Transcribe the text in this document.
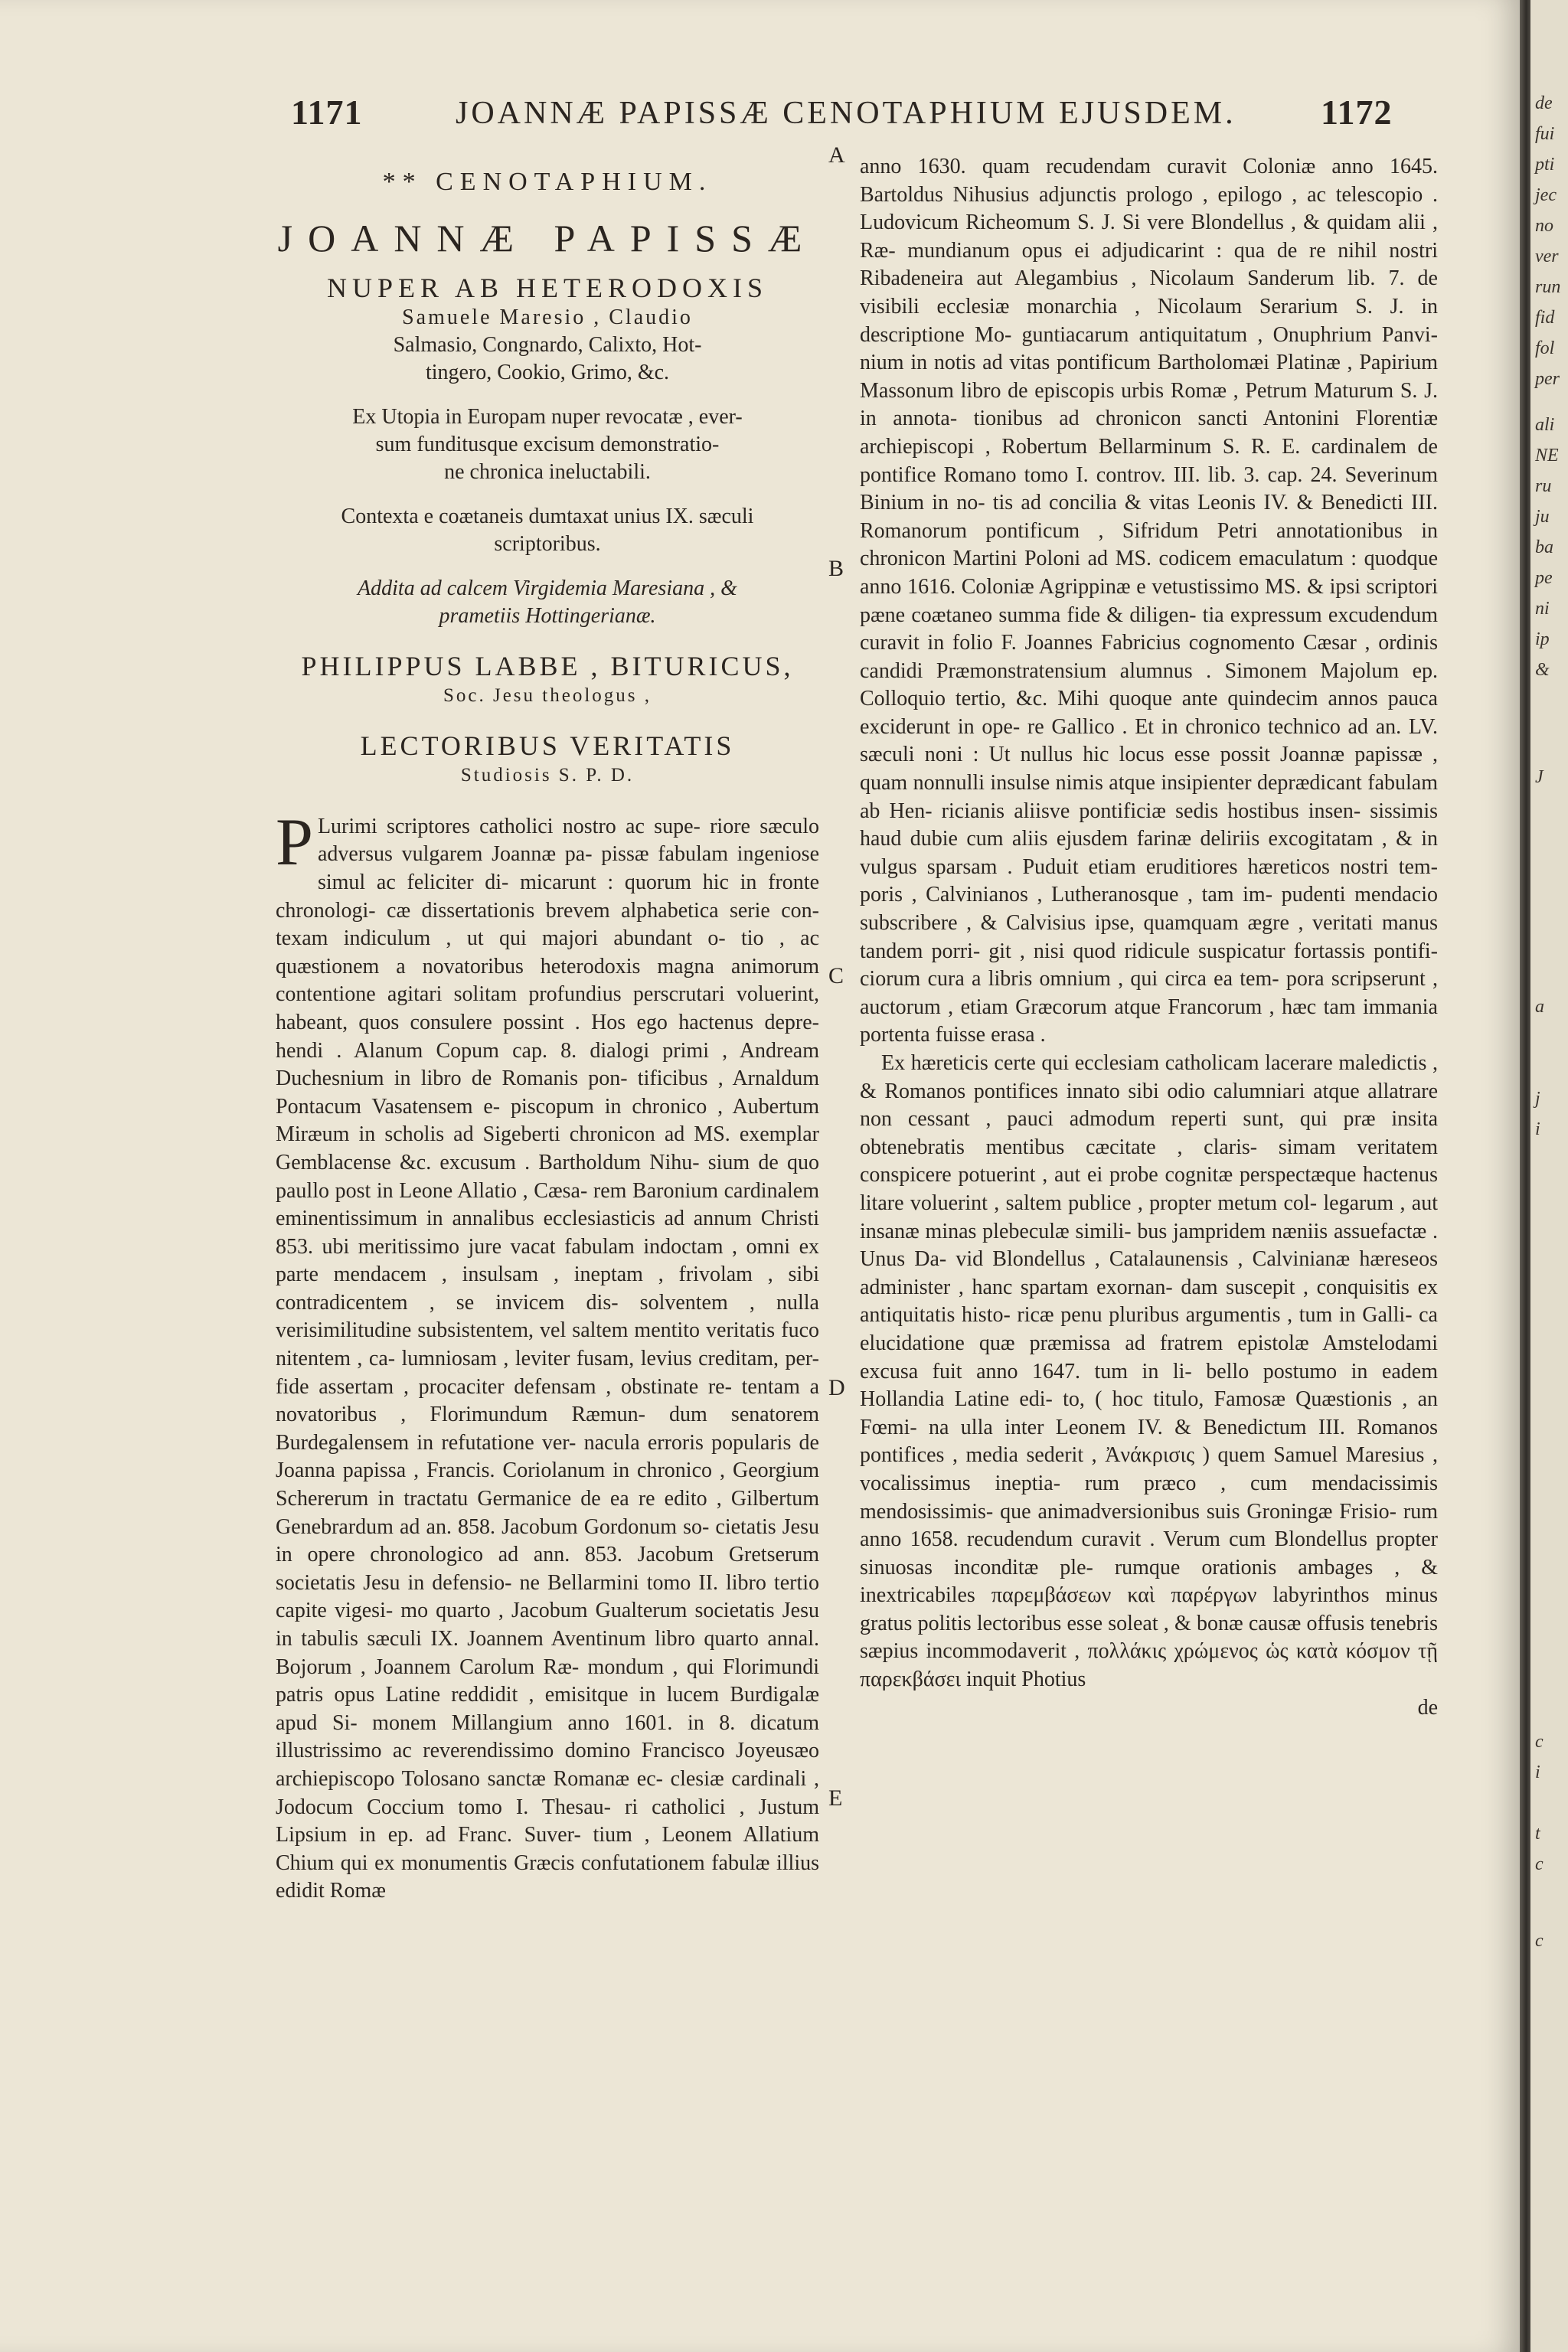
1171	JOANNÆ PAPISSÆ CENOTAPHIUM EJUSDEM. 1172
A
B
C
D
E
** CENOTAPHIUM.
JOANNÆ PAPISSÆ
NUPER AB HETERODOXIS
Samuele Maresio , Claudio
Salmasio, Congnardo, Calixto, Hot-
tingero, Cookio, Grimo, &c.
Ex Utopia in Europam nuper revocatæ , ever-
sum funditusque excisum demonstratio-
ne chronica ineluctabili.
Contexta e coætaneis dumtaxat unius IX. sæculi
scriptoribus.
Addita ad calcem Virgidemia Maresiana , &
prametiis Hottingerianæ.
PHILIPPUS LABBE , BITURICUS,
Soc. Jesu theologus ,
LECTORIBUS VERITATIS
Studiosis S. P. D.
P Lurimi scriptores catholici nostro ac supe- riore sæculo adversus vulgarem Joannæ pa- pissæ fabulam ingeniose simul ac feliciter di- micarunt : quorum hic in fronte chronologi- cæ dissertationis brevem alphabetica serie con- texam indiculum , ut qui majori abundant o- tio , ac quæstionem a novatoribus heterodoxis magna animorum contentione agitari solitam profundius perscrutari voluerint, habeant, quos consulere possint . Hos ego hactenus depre- hendi . Alanum Copum cap. 8. dialogi primi , Andream Duchesnium in libro de Romanis pon- tificibus , Arnaldum Pontacum Vasatensem e- piscopum in chronico , Aubertum Miræum in scholis ad Sigeberti chronicon ad MS. exemplar Gemblacense &c. excusum . Bartholdum Nihu- sium de quo paullo post in Leone Allatio , Cæsa- rem Baronium cardinalem eminentissimum in annalibus ecclesiasticis ad annum Christi 853. ubi meritissimo jure vacat fabulam indoctam , omni ex parte mendacem , insulsam , ineptam , frivolam , sibi contradicentem , se invicem dis- solventem , nulla verisimilitudine subsistentem, vel saltem mentito veritatis fuco nitentem , ca- lumniosam , leviter fusam, levius creditam, per- fide assertam , procaciter defensam , obstinate re- tentam a novatoribus , Florimundum Ræmun- dum senatorem Burdegalensem in refutatione ver- nacula erroris popularis de Joanna papissa , Francis. Coriolanum in chronico , Georgium Schererum in tractatu Germanice de ea re edito , Gilbertum Genebrardum ad an. 858. Jacobum Gordonum so- cietatis Jesu in opere chronologico ad ann. 853. Jacobum Gretserum societatis Jesu in defensio- ne Bellarmini tomo II. libro tertio capite vigesi- mo quarto , Jacobum Gualterum societatis Jesu in tabulis sæculi IX. Joannem Aventinum libro quarto annal. Bojorum , Joannem Carolum Ræ- mondum , qui Florimundi patris opus Latine reddidit , emisitque in lucem Burdigalæ apud Si- monem Millangium anno 1601. in 8. dicatum illustrissimo ac reverendissimo domino Francisco Joyeusæo archiepiscopo Tolosano sanctæ Romanæ ec- clesiæ cardinali , Jodocum Coccium tomo I. Thesau- ri catholici , Justum Lipsium in ep. ad Franc. Suver- tium , Leonem Allatium Chium qui ex monumentis Græcis confutationem fabulæ illius edidit Romæ

anno 1630. quam recudendam curavit Coloniæ anno 1645. Bartoldus Nihusius adjunctis prologo , epilogo , ac telescopio . Ludovicum Richeomum S. J. Si vere Blondellus , & quidam alii , Ræ- mundianum opus ei adjudicarint : qua de re nihil nostri Ribadeneira aut Alegambius , Nicolaum Sanderum lib. 7. de visibili ecclesiæ monarchia , Nicolaum Serarium S. J. in descriptione Mo- guntiacarum antiquitatum , Onuphrium Panvi- nium in notis ad vitas pontificum Bartholomæi Platinæ , Papirium Massonum libro de episcopis urbis Romæ , Petrum Maturum S. J. in annota- tionibus ad chronicon sancti Antonini Florentiæ archiepiscopi , Robertum Bellarminum S. R. E. cardinalem de pontifice Romano tomo I. controv. III. lib. 3. cap. 24. Severinum Binium in no- tis ad concilia & vitas Leonis IV. & Benedicti III. Romanorum pontificum , Sifridum Petri annotationibus in chronicon Martini Poloni ad MS. codicem emaculatum : quodque anno 1616. Coloniæ Agrippinæ e vetustissimo MS. & ipsi scriptori pæne coætaneo summa fide & diligen- tia expressum excudendum curavit in folio F. Joannes Fabricius cognomento Cæsar , ordinis candidi Præmonstratensium alumnus . Simonem Majolum ep. Colloquio tertio, &c. Mihi quoque ante quindecim annos pauca exciderunt in ope- re Gallico . Et in chronico technico ad an. LV. sæculi noni : Ut nullus hic locus esse possit Joannæ papissæ , quam nonnulli insulse nimis atque insipienter deprædicant fabulam ab Hen- ricianis aliisve pontificiæ sedis hostibus insen- sissimis haud dubie cum aliis ejusdem farinæ deliriis excogitatam , & in vulgus sparsam . Puduit etiam eruditiores hæreticos nostri tem- poris , Calvinianos , Lutheranosque , tam im- pudenti mendacio subscribere , & Calvisius ipse, quamquam ægre , veritati manus tandem porri- git , nisi quod ridicule suspicatur fortassis pontifi- ciorum cura a libris omnium , qui circa ea tem- pora scripserunt , auctorum , etiam Græcorum atque Francorum , hæc tam immania portenta fuisse erasa .

Ex hæreticis certe qui ecclesiam catholicam lacerare maledictis , & Romanos pontifices innato sibi odio calumniari atque allatrare non cessant , pauci admodum reperti sunt, qui præ insita obtenebratis mentibus cæcitate , claris- simam veritatem conspicere potuerint , aut ei probe cognitæ perspectæque hactenus litare voluerint , saltem publice , propter metum col- legarum , aut insanæ minas plebeculæ simili- bus jampridem næniis assuefactæ . Unus Da- vid Blondellus , Catalaunensis , Calvinianæ hæreseos administer , hanc spartam exornan- dam suscepit , conquisitis ex antiquitatis histo- ricæ penu pluribus argumentis , tum in Galli- ca elucidatione quæ præmissa ad fratrem epistolæ Amstelodami excusa fuit anno 1647. tum in li- bello postumo in eadem Hollandia Latine edi- to, ( hoc titulo, Famosæ Quæstionis , an Fœmi- na ulla inter Leonem IV. & Benedictum III. Romanos pontifices , media sederit , Ἀνάκρισις ) quem Samuel Maresius , vocalissimus ineptia- rum præco , cum mendacissimis mendosissimis- que animadversionibus suis Groningæ Frisio- rum anno 1658. recudendum curavit . Verum cum Blondellus propter sinuosas inconditæ ple- rumque orationis ambages , & inextricabiles παρεμβάσεων καὶ παρέργων labyrinthos minus gratus politis lectoribus esse soleat , & bonæ causæ offusis tenebris sæpius incommodaverit , πολλάκις χρώμενος ὡς κατὰ κόσμον τῇ παρεκβάσει inquit Photius

de

de
fui
pti
jec
no
ver
run
fid
fol
per
ali
NE
ru
ju
ba
pe
ni
ip
&
J
a
j
i
c
i
t
c
c
